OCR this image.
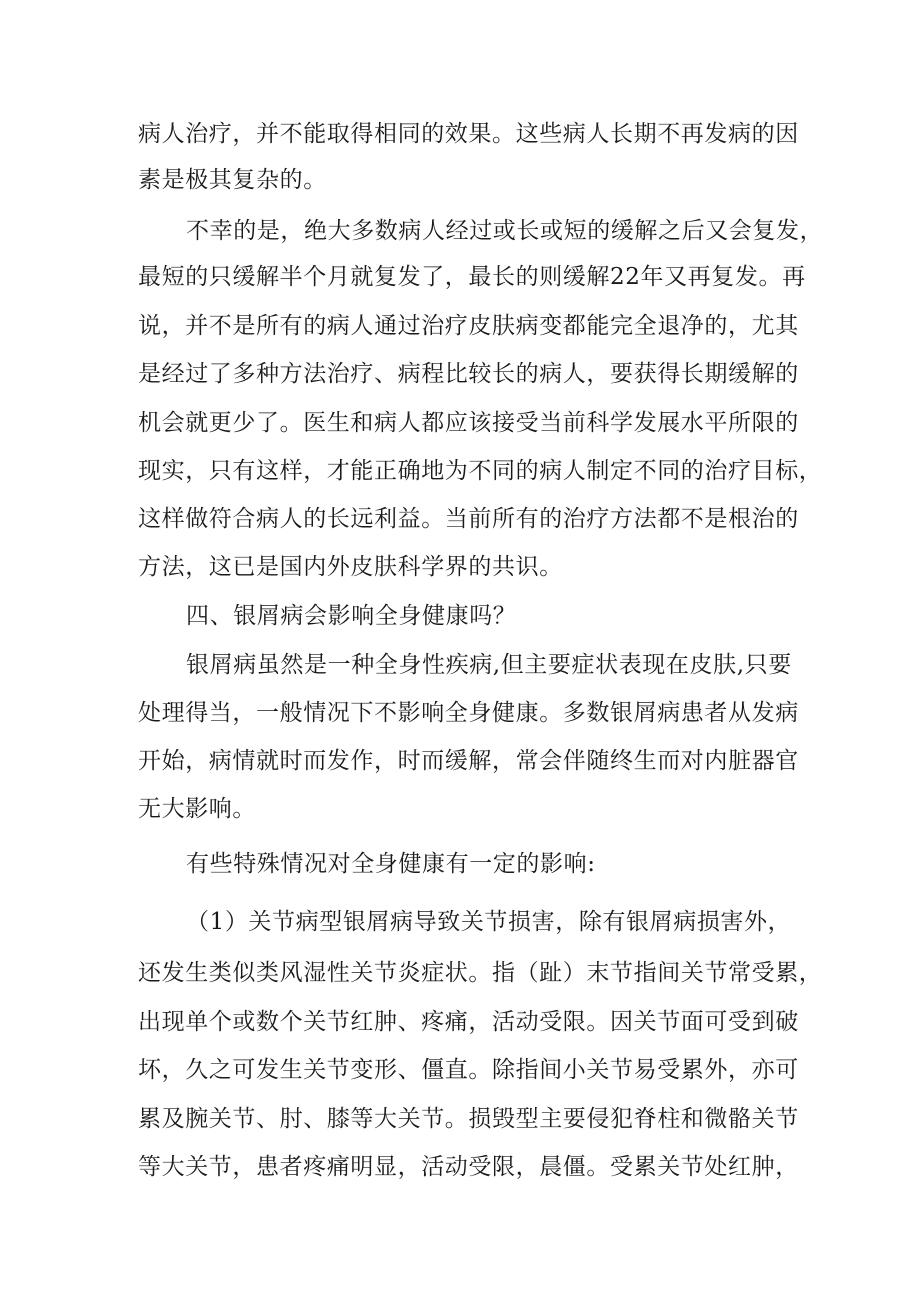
病人治疗，并不能取得相同的效果。这些病人长期不再发病的因
素是极其复杂的。
不幸的是，绝大多数病人经过或长或短的缓解之后又会复发，
最短的只缓解半个月就复发了，最长的则缓解22年又再复发。再
说，并不是所有的病人通过治疗皮肤病变都能完全退净的，尤其
是经过了多种方法治疗、病程比较长的病人，要获得长期缓解的
机会就更少了。医生和病人都应该接受当前科学发展水平所限的
现实，只有这样，才能正确地为不同的病人制定不同的治疗目标，
这样做符合病人的长远利益。当前所有的治疗方法都不是根治的
方法，这已是国内外皮肤科学界的共识。
四、银屑病会影响全身健康吗？
银屑病虽然是一种全身性疾病,但主要症状表现在皮肤,只要
处理得当，一般情况下不影响全身健康。多数银屑病患者从发病
开始，病情就时而发作，时而缓解，常会伴随终生而对内脏器官
无大影响。
有些特殊情况对全身健康有一定的影响:
（1）关节病型银屑病导致关节损害，除有银屑病损害外，
还发生类似类风湿性关节炎症状。指（趾）末节指间关节常受累，
出现单个或数个关节红肿、疼痛，活动受限。因关节面可受到破
坏，久之可发生关节变形、僵直。除指间小关节易受累外，亦可
累及腕关节、肘、膝等大关节。损毁型主要侵犯脊柱和微骼关节
等大关节，患者疼痛明显，活动受限，晨僵。受累关节处红肿，
